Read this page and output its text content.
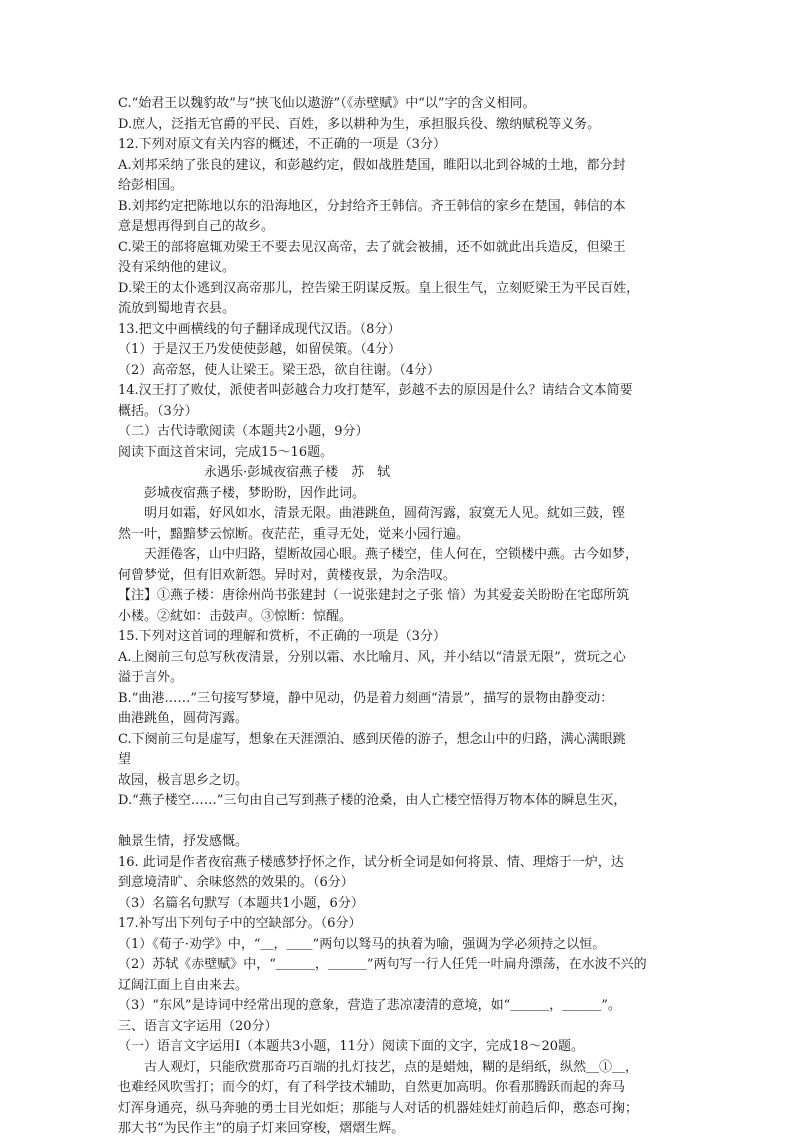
C.“始君王以魏豹故”与“挟飞仙以遨游”（《赤壁赋》中“以”字的含义相同。
D.庶人，泛指无官爵的平民、百姓，多以耕种为生，承担服兵役、缴纳赋税等义务。
12.下列对原文有关内容的概述，不正确的一项是（3分）
A.刘邦采纳了张良的建议，和彭越约定，假如战胜楚国，睢阳以北到谷城的土地，都分封
给彭相国。
B.刘邦约定把陈地以东的沿海地区，分封给齐王韩信。齐王韩信的家乡在楚国，韩信的本
意是想再得到自己的故乡。
C.梁王的部将扈辄劝梁王不要去见汉高帝，去了就会被捕，还不如就此出兵造反，但梁王
没有采纳他的建议。
D.梁王的太仆逃到汉高帝那儿，控告梁王阴谋反叛。皇上很生气，立刻贬梁王为平民百姓，
流放到蜀地青衣县。
13.把文中画横线的句子翻译成现代汉语。（8分）
（1）于是汉王乃发使使彭越，如留侯策。（4分）
（2）高帝怒，使人让梁王。梁王恐，欲自往谢。（4分）
14.汉王打了败仗，派使者叫彭越合力攻打楚军，彭越不去的原因是什么？请结合文本简要
概括。（3分）
（二）古代诗歌阅读（本题共2小题，9分）
阅读下面这首宋词，完成15～16题。
永遇乐·彭城夜宿燕子楼　苏　轼
彭城夜宿燕子楼，梦盼盼，因作此词。
明月如霜，好风如水，清景无限。曲港跳鱼，圆荷泻露，寂寞无人见。紞如三鼓，铿
然一叶，黯黯梦云惊断。夜茫茫，重寻无处，觉来小园行遍。
天涯倦客，山中归路，望断故园心眼。燕子楼空，佳人何在，空锁楼中燕。古今如梦，
何曾梦觉，但有旧欢新怨。异时对，黄楼夜景，为余浩叹。
【注】①燕子楼：唐徐州尚书张建封（一说张建封之子张 愔）为其爱妾关盼盼在宅邸所筑
小楼。②紞如：击鼓声。③惊断：惊醒。
15.下列对这首词的理解和赏析，不正确的一项是（3分）
A.上阕前三句总写秋夜清景，分别以霜、水比喻月、风，并小结以“清景无限”，赏玩之心
溢于言外。
B.“曲港……”三句接写梦境，静中见动，仍是着力刻画“清景”，描写的景物由静变动：
曲港跳鱼，圆荷泻露。
C.下阕前三句是虚写，想象在天涯漂泊、感到厌倦的游子，想念山中的归路，满心满眼跳
望
故园，极言思乡之切。
D.“燕子楼空……”三句由自己写到燕子楼的沧桑，由人亡楼空悟得万物本体的瞬息生灭，
触景生情，抒发感慨。
16. 此词是作者夜宿燕子楼感梦抒怀之作，试分析全词是如何将景、情、理熔于一炉，达
到意境清旷、余味悠然的效果的。（6分）
（3）名篇名句默写（本题共1小题，6分）
17.补写出下列句子中的空缺部分。（6分）
（1）《荀子·劝学》中，“＿，＿＿”两句以驽马的执着为喻，强调为学必须持之以恒。
（2）苏轼《赤壁赋》中，“＿＿＿，＿＿＿”两句写一行人任凭一叶扁舟漂荡，在水波不兴的
辽阔江面上自由来去。
（3）“东风”是诗词中经常出现的意象，营造了悲凉凄清的意境，如“＿＿＿，＿＿＿”。
三、语言文字运用（20分）
（一）语言文字运用Ⅰ（本题共3小题，11分）阅读下面的文字，完成18～20题。
古人观灯，只能欣赏那奇巧百端的扎灯技艺，点的是蜡烛，糊的是绢纸，纵然＿①＿，
也难经风吹雪打；而今的灯，有了科学技术辅助，自然更加高明。你看那腾跃而起的奔马
灯浑身通亮，纵马奔驰的勇士目光如炬；那能与人对话的机器娃娃灯前趋后仰，憨态可掬；
那大书“为民作主”的扇子灯来回穿梭，熠熠生辉。
